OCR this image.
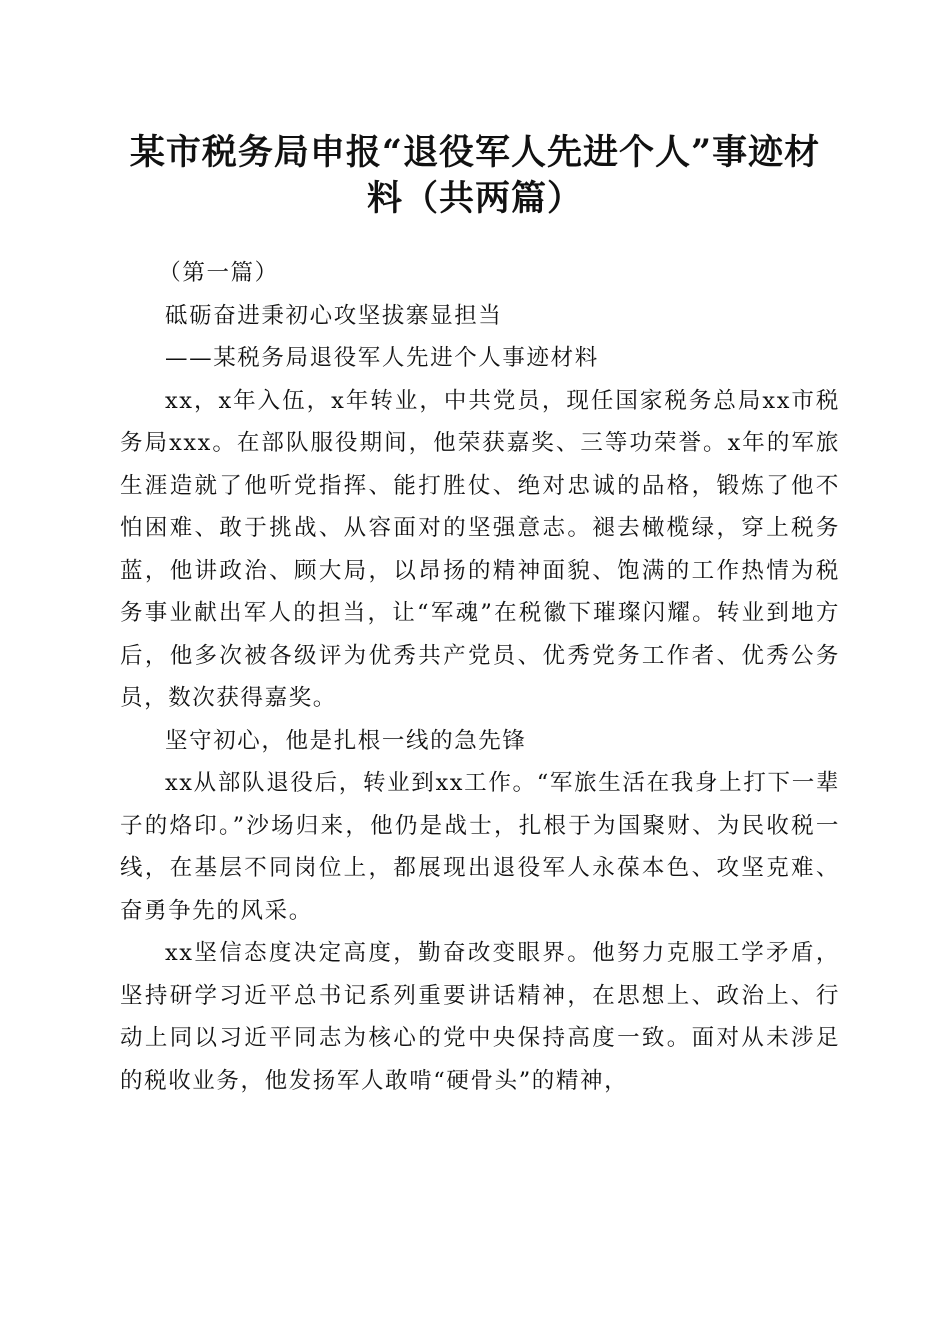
某市税务局申报“退役军人先进个人”事迹材
料（共两篇）

（第一篇）

砥砺奋进秉初心攻坚拔寨显担当

——某税务局退役军人先进个人事迹材料

xx，x年入伍，x年转业，中共党员，现任国家税务总局xx市税务局xxx。在部队服役期间，他荣获嘉奖、三等功荣誉。x年的军旅生涯造就了他听党指挥、能打胜仗、绝对忠诚的品格，锻炼了他不怕困难、敢于挑战、从容面对的坚强意志。褪去橄榄绿，穿上税务蓝，他讲政治、顾大局，以昂扬的精神面貌、饱满的工作热情为税务事业献出军人的担当，让“军魂”在税徽下璀璨闪耀。转业到地方后，他多次被各级评为优秀共产党员、优秀党务工作者、优秀公务员，数次获得嘉奖。

坚守初心，他是扎根一线的急先锋

xx从部队退役后，转业到xx工作。“军旅生活在我身上打下一辈子的烙印。”沙场归来，他仍是战士，扎根于为国聚财、为民收税一线，在基层不同岗位上，都展现出退役军人永葆本色、攻坚克难、奋勇争先的风采。

xx坚信态度决定高度，勤奋改变眼界。他努力克服工学矛盾，坚持研学习近平总书记系列重要讲话精神，在思想上、政治上、行动上同以习近平同志为核心的党中央保持高度一致。面对从未涉足的税收业务，他发扬军人敢啃“硬骨头”的精神，
